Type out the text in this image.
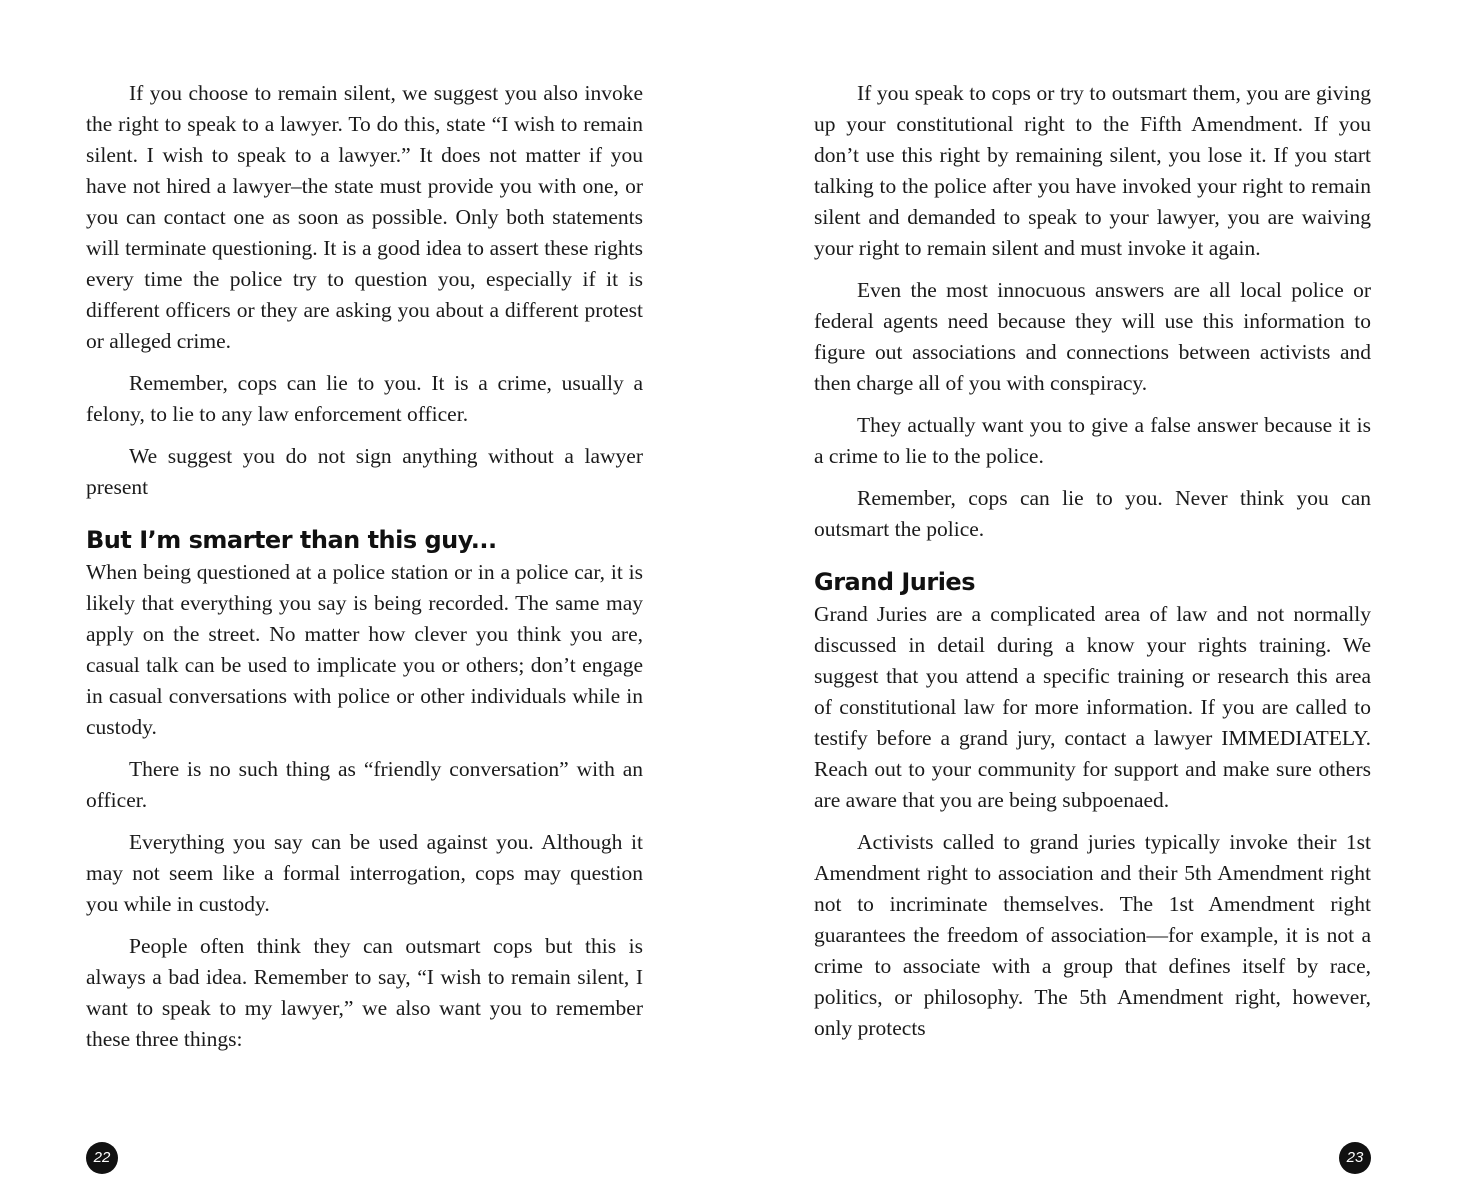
If you choose to remain silent, we suggest you also invoke the right to speak to a lawyer. To do this, state “I wish to remain silent. I wish to speak to a lawyer.” It does not matter if you have not hired a lawyer–the state must provide you with one, or you can contact one as soon as possible. Only both statements will terminate questioning. It is a good idea to assert these rights every time the police try to question you, especially if it is different officers or they are asking you about a different protest or alleged crime.

Remember, cops can lie to you. It is a crime, usually a felony, to lie to any law enforcement officer.

We suggest you do not sign anything without a lawyer present

But I’m smarter than this guy...

When being questioned at a police station or in a police car, it is likely that everything you say is being recorded. The same may apply on the street. No matter how clever you think you are, casual talk can be used to implicate you or others; don’t engage in casual conversations with police or other individuals while in custody.

There is no such thing as “friendly conversation” with an officer.

Everything you say can be used against you. Although it may not seem like a formal interrogation, cops may question you while in custody.

People often think they can outsmart cops but this is always a bad idea. Remember to say, “I wish to remain silent, I want to speak to my lawyer,” we also want you to remember these three things:

If you speak to cops or try to outsmart them, you are giving up your constitutional right to the Fifth Amendment. If you don’t use this right by remaining silent, you lose it. If you start talking to the police after you have invoked your right to remain silent and demanded to speak to your lawyer, you are waiving your right to remain silent and must invoke it again.

Even the most innocuous answers are all local police or federal agents need because they will use this information to figure out associations and connections between activists and then charge all of you with conspiracy.

They actually want you to give a false answer because it is a crime to lie to the police.

Remember, cops can lie to you. Never think you can outsmart the police.

Grand Juries

Grand Juries are a complicated area of law and not normally discussed in detail during a know your rights training. We suggest that you attend a specific training or research this area of constitutional law for more information. If you are called to testify before a grand jury, contact a lawyer IMMEDIATELY. Reach out to your community for support and make sure others are aware that you are being subpoenaed.

Activists called to grand juries typically invoke their 1st Amendment right to association and their 5th Amendment right not to incriminate themselves. The 1st Amendment right guarantees the freedom of association—for example, it is not a crime to associate with a group that defines itself by race, politics, or philosophy. The 5th Amendment right, however, only protects

22	23
